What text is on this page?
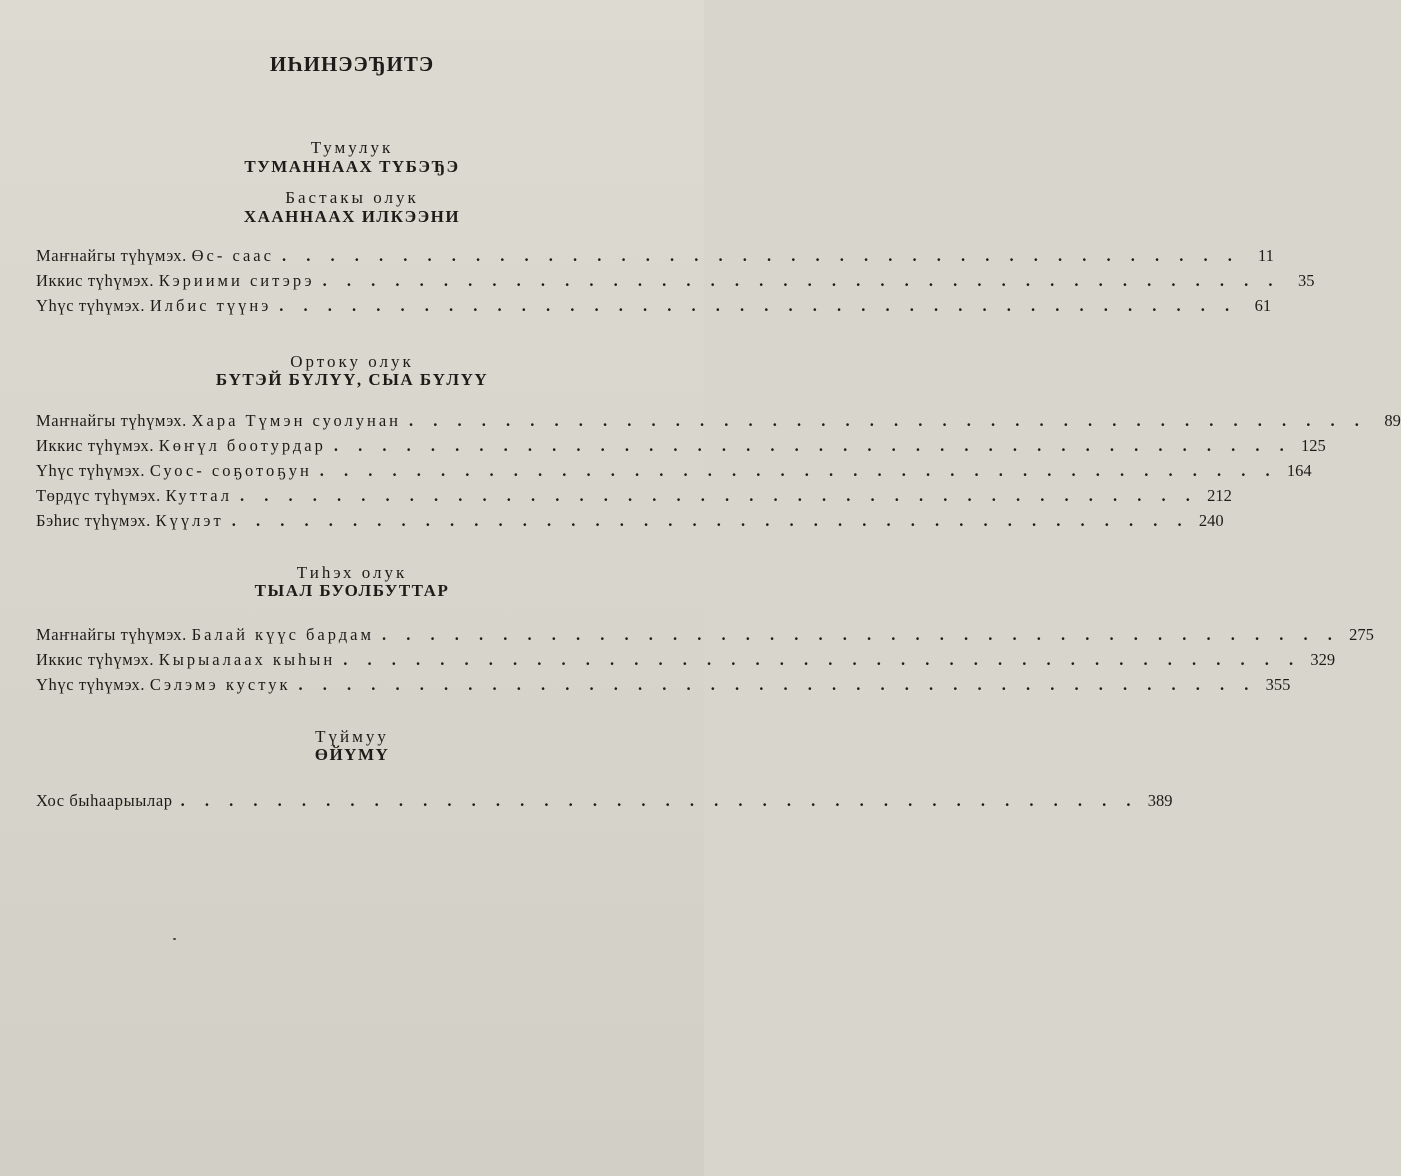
ИҺИНЭЭЂИТЭ
Тумулук
ТУМАННААХ ТҮБЭЂЭ
Бастакы олук
ХААННААХ ИЛКЭЭНИ
Маҥнайгы түһүмэх. Өс- саас . . . . . . . . . . . . . . . . . . . . . . . . . . . . . . . . . . . . . . . .	11
Иккис түһүмэх. Кэриими ситэрэ . . . . . . . . . . . . . . . . . . . . . . . . . . . . . . . . . . . . . . . .	35
Үһүс түһүмэх. Илбис түүнэ . . . . . . . . . . . . . . . . . . . . . . . . . . . . . . . . . . . . . . . .	61
Ортоку олук
БҮТЭЙ БҮЛҮҮ, СЫА БҮЛҮҮ
Маҥнайгы түһүмэх. Хара Түмэн суолунан . . . . . . . . . . . . . . . . . . . . . . . . . . . . . . . . . . . . . . . .	89
Иккис түһүмэх. Көҥүл боотурдар . . . . . . . . . . . . . . . . . . . . . . . . . . . . . . . . . . . . . . . . 125
Үһүс түһүмэх. Суос- соҕотоҕун . . . . . . . . . . . . . . . . . . . . . . . . . . . . . . . . . . . . . . . . 164
Төрдүс түһүмэх. Куттал . . . . . . . . . . . . . . . . . . . . . . . . . . . . . . . . . . . . . . . . 212
Бэһис түһүмэх. Күүлэт . . . . . . . . . . . . . . . . . . . . . . . . . . . . . . . . . . . . . . . . 240
Тиһэх олук
ТЫАЛ БУОЛБУТТАР
Маҥнайгы түһүмэх. Балай күүс бардам . . . . . . . . . . . . . . . . . . . . . . . . . . . . . . . . . . . . . . . . 275
Иккис түһүмэх. Кырыалаах кыһын . . . . . . . . . . . . . . . . . . . . . . . . . . . . . . . . . . . . . . . . 329
Үһүс түһүмэх. Сэлэмэ кустук . . . . . . . . . . . . . . . . . . . . . . . . . . . . . . . . . . . . . . . . 355
Түймуу
ӨЙҮМҮ
Хос быһаарыылар . . . . . . . . . . . . . . . . . . . . . . . . . . . . . . . . . . . . . . . . 389
